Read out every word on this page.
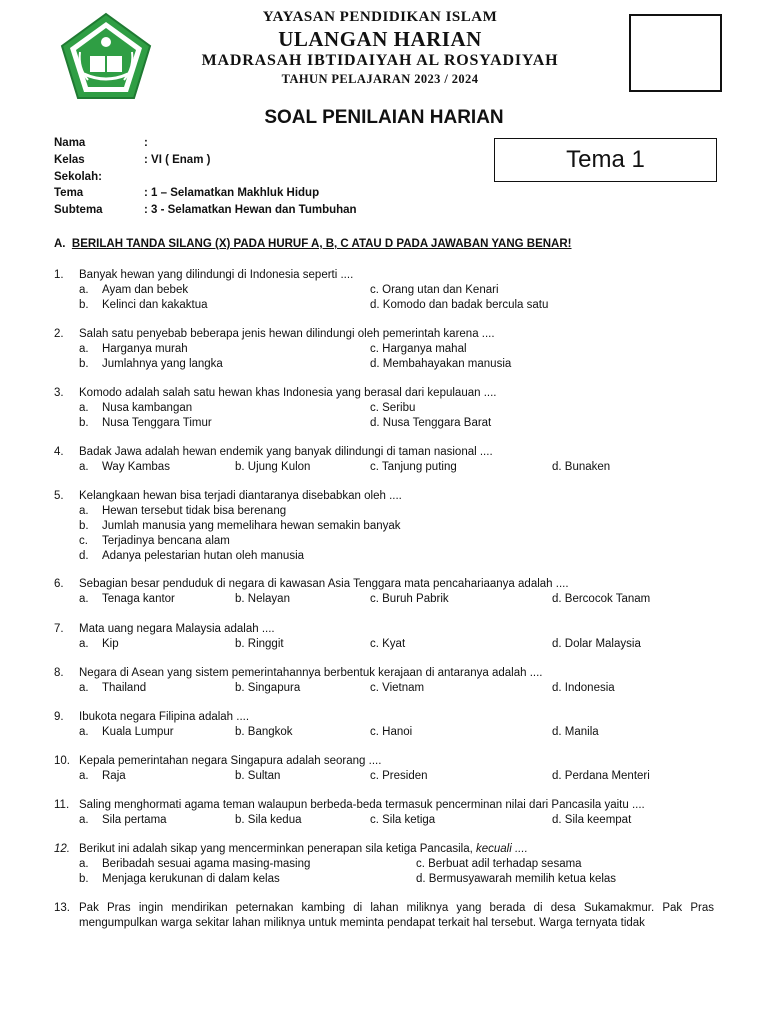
YAYASAN PENDIDIKAN ISLAM
ULANGAN HARIAN
MADRASAH IBTIDAIYAH AL ROSYADIYAH
TAHUN PELAJARAN 2023 / 2024
SOAL PENILAIAN HARIAN
Nama	:
Kelas	: VI ( Enam )
Sekolah:
Tema	: 1 – Selamatkan Makhluk Hidup
Subtema	: 3 - Selamatkan Hewan dan Tumbuhan
Tema 1
A. BERILAH TANDA SILANG (X) PADA HURUF A, B, C ATAU D PADA JAWABAN YANG BENAR!
1. Banyak hewan yang dilindungi di Indonesia seperti ....
a. Ayam dan bebek
b. Kelinci dan kakaktua
c. Orang utan dan Kenari
d. Komodo dan badak bercula satu
2. Salah satu penyebab beberapa jenis hewan dilindungi oleh pemerintah karena ....
a. Harganya murah
b. Jumlahnya yang langka
c. Harganya mahal
d. Membahayakan manusia
3. Komodo adalah salah satu hewan khas Indonesia yang berasal dari kepulauan ....
a. Nusa kambangan
b. Nusa Tenggara Timur
c. Seribu
d. Nusa Tenggara Barat
4. Badak Jawa adalah hewan endemik yang banyak dilindungi di taman nasional ....
a. Way Kambas	b. Ujung Kulon	c. Tanjung puting	d. Bunaken
5. Kelangkaan hewan bisa terjadi diantaranya disebabkan oleh ....
a. Hewan tersebut tidak bisa berenang
b. Jumlah manusia yang memelihara hewan semakin banyak
c. Terjadinya bencana alam
d. Adanya pelestarian hutan oleh manusia
6. Sebagian besar penduduk di negara di kawasan Asia Tenggara mata pencahariaanya adalah ....
a. Tenaga kantor	b. Nelayan	c. Buruh Pabrik	d. Bercocok Tanam
7. Mata uang negara Malaysia adalah ....
a. Kip	b. Ringgit	c. Kyat	d. Dolar Malaysia
8. Negara di Asean yang sistem pemerintahannya berbentuk kerajaan di antaranya adalah ....
a. Thailand	b. Singapura	c. Vietnam	d. Indonesia
9. Ibukota negara Filipina adalah ....
a. Kuala Lumpur	b. Bangkok	c. Hanoi	d. Manila
10. Kepala pemerintahan negara Singapura adalah seorang ....
a. Raja	b. Sultan	c. Presiden	d. Perdana Menteri
11. Saling menghormati agama teman walaupun berbeda-beda termasuk pencerminan nilai dari Pancasila yaitu ....
a. Sila pertama	b. Sila kedua	c. Sila ketiga	d. Sila keempat
12. Berikut ini adalah sikap yang mencerminkan penerapan sila ketiga Pancasila, kecuali ....
a. Beribadah sesuai agama masing-masing
b. Menjaga kerukunan di dalam kelas
c. Berbuat adil terhadap sesama
d. Bermusyawarah memilih ketua kelas
13. Pak Pras ingin mendirikan peternakan kambing di lahan miliknya yang berada di desa Sukamakmur. Pak Pras mengumpulkan warga sekitar lahan miliknya untuk meminta pendapat terkait hal tersebut. Warga ternyata tidak
